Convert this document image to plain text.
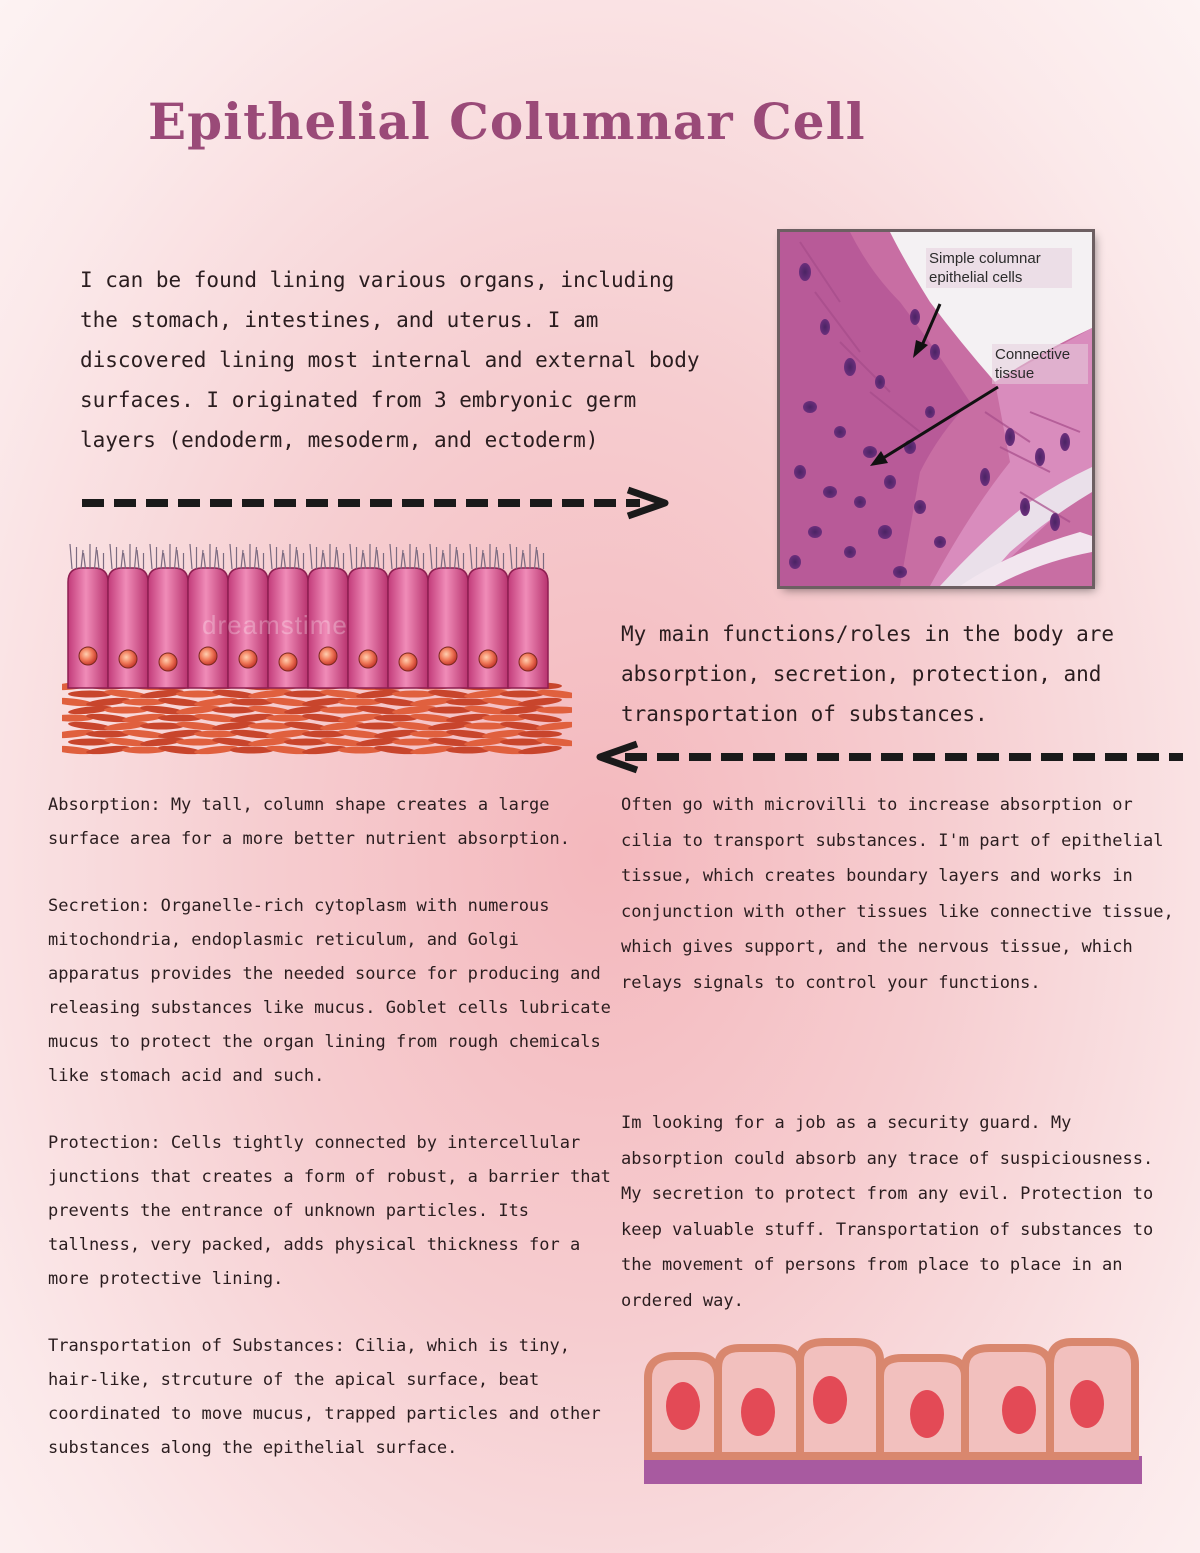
Epithelial Columnar Cell

I can be found lining various organs, including the stomach, intestines, and uterus. I am discovered lining most internal and external body surfaces. I originated from 3 embryonic germ layers (endoderm, mesoderm, and ectoderm)

Simple columnar epithelial cells
Connective tissue
dreamstime	My main functions/roles in the body are absorption, secretion, protection, and transportation of substances.

Absorption: My tall, column shape creates a large surface area for a more better nutrient absorption.

Secretion: Organelle-rich cytoplasm with numerous mitochondria, endoplasmic reticulum, and Golgi apparatus provides the needed source for producing and releasing substances like mucus. Goblet cells lubricate mucus to protect the organ lining from rough chemicals like stomach acid and such.

Protection: Cells tightly connected by intercellular junctions that creates a form of robust, a barrier that prevents the entrance of unknown particles. Its tallness, very packed, adds physical thickness for a more protective lining.

Transportation of Substances: Cilia, which is tiny, hair-like, strcuture of the apical surface, beat coordinated to move mucus, trapped particles and other substances along the epithelial surface.

Often go with microvilli to increase absorption or cilia to transport substances. I'm part of epithelial tissue, which creates boundary layers and works in conjunction with other tissues like connective tissue, which gives support, and the nervous tissue, which relays signals to control your functions.

Im looking for a job as a security guard. My absorption could absorb any trace of suspiciousness. My secretion to protect from any evil. Protection to keep valuable stuff. Transportation of substances to the movement of persons from place to place in an ordered way.
